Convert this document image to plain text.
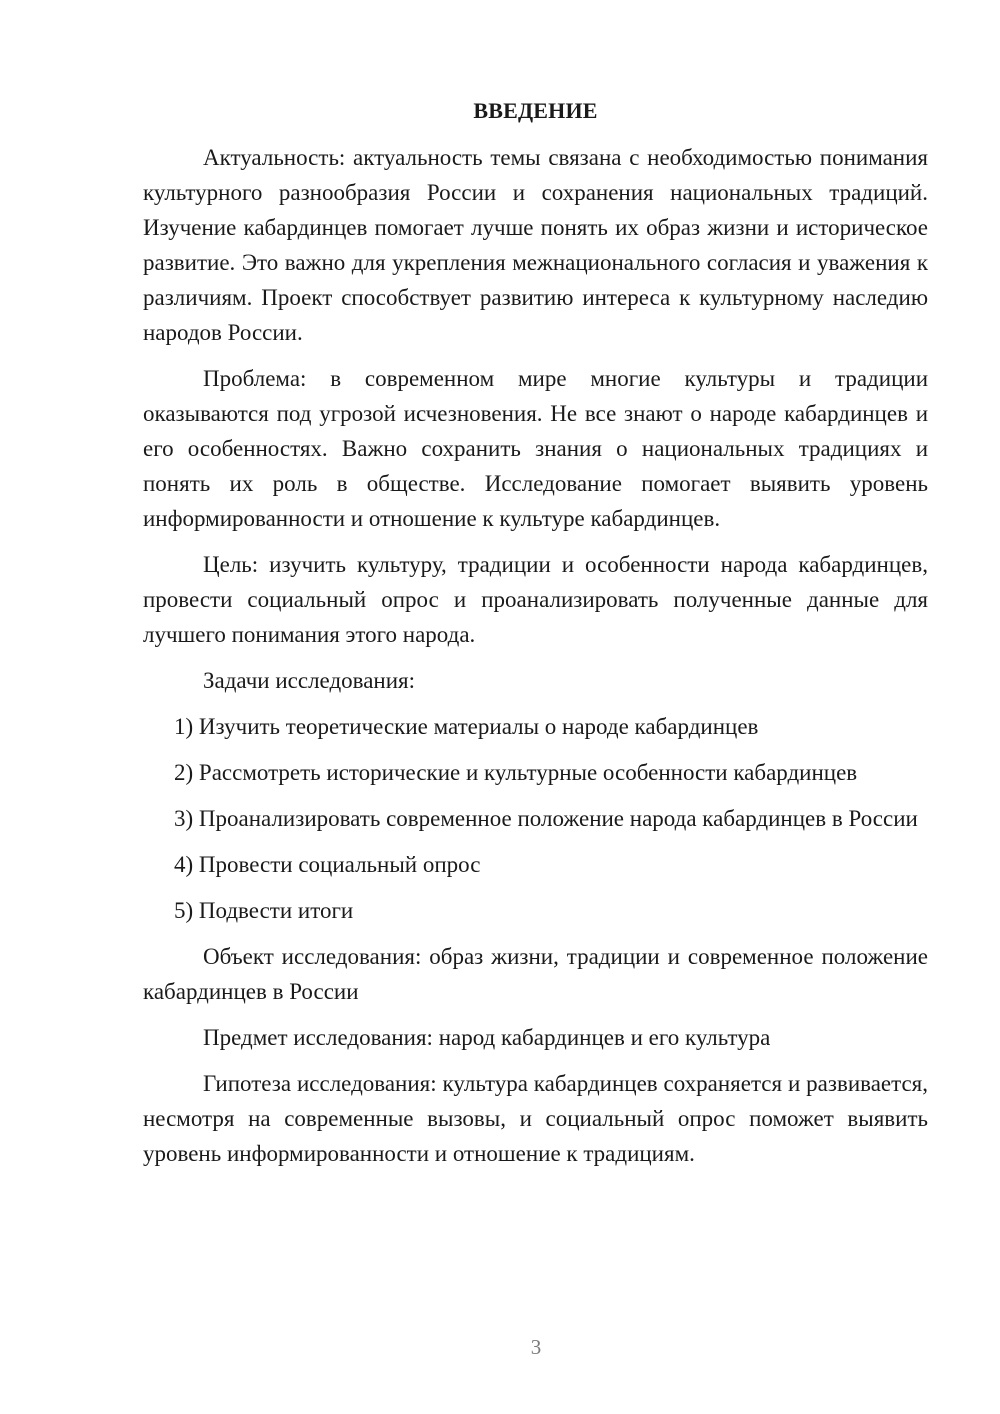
ВВЕДЕНИЕ

Актуальность: актуальность темы связана с необходимостью понимания культурного разнообразия России и сохранения национальных традиций. Изучение кабардинцев помогает лучше понять их образ жизни и историческое развитие. Это важно для укрепления межнационального согласия и уважения к различиям. Проект способствует развитию интереса к культурному наследию народов России.

Проблема: в современном мире многие культуры и традиции оказываются под угрозой исчезновения. Не все знают о народе кабардинцев и его особенностях. Важно сохранить знания о национальных традициях и понять их роль в обществе. Исследование помогает выявить уровень информированности и отношение к культуре кабардинцев.

Цель: изучить культуру, традиции и особенности народа кабардинцев, провести социальный опрос и проанализировать полученные данные для лучшего понимания этого народа.

Задачи исследования:

1) Изучить теоретические материалы о народе кабардинцев

2) Рассмотреть исторические и культурные особенности кабардинцев

3) Проанализировать современное положение народа кабардинцев в России

4) Провести социальный опрос

5) Подвести итоги

Объект исследования: образ жизни, традиции и современное положение кабардинцев в России

Предмет исследования: народ кабардинцев и его культура

Гипотеза исследования: культура кабардинцев сохраняется и развивается, несмотря на современные вызовы, и социальный опрос поможет выявить уровень информированности и отношение к традициям.

3
